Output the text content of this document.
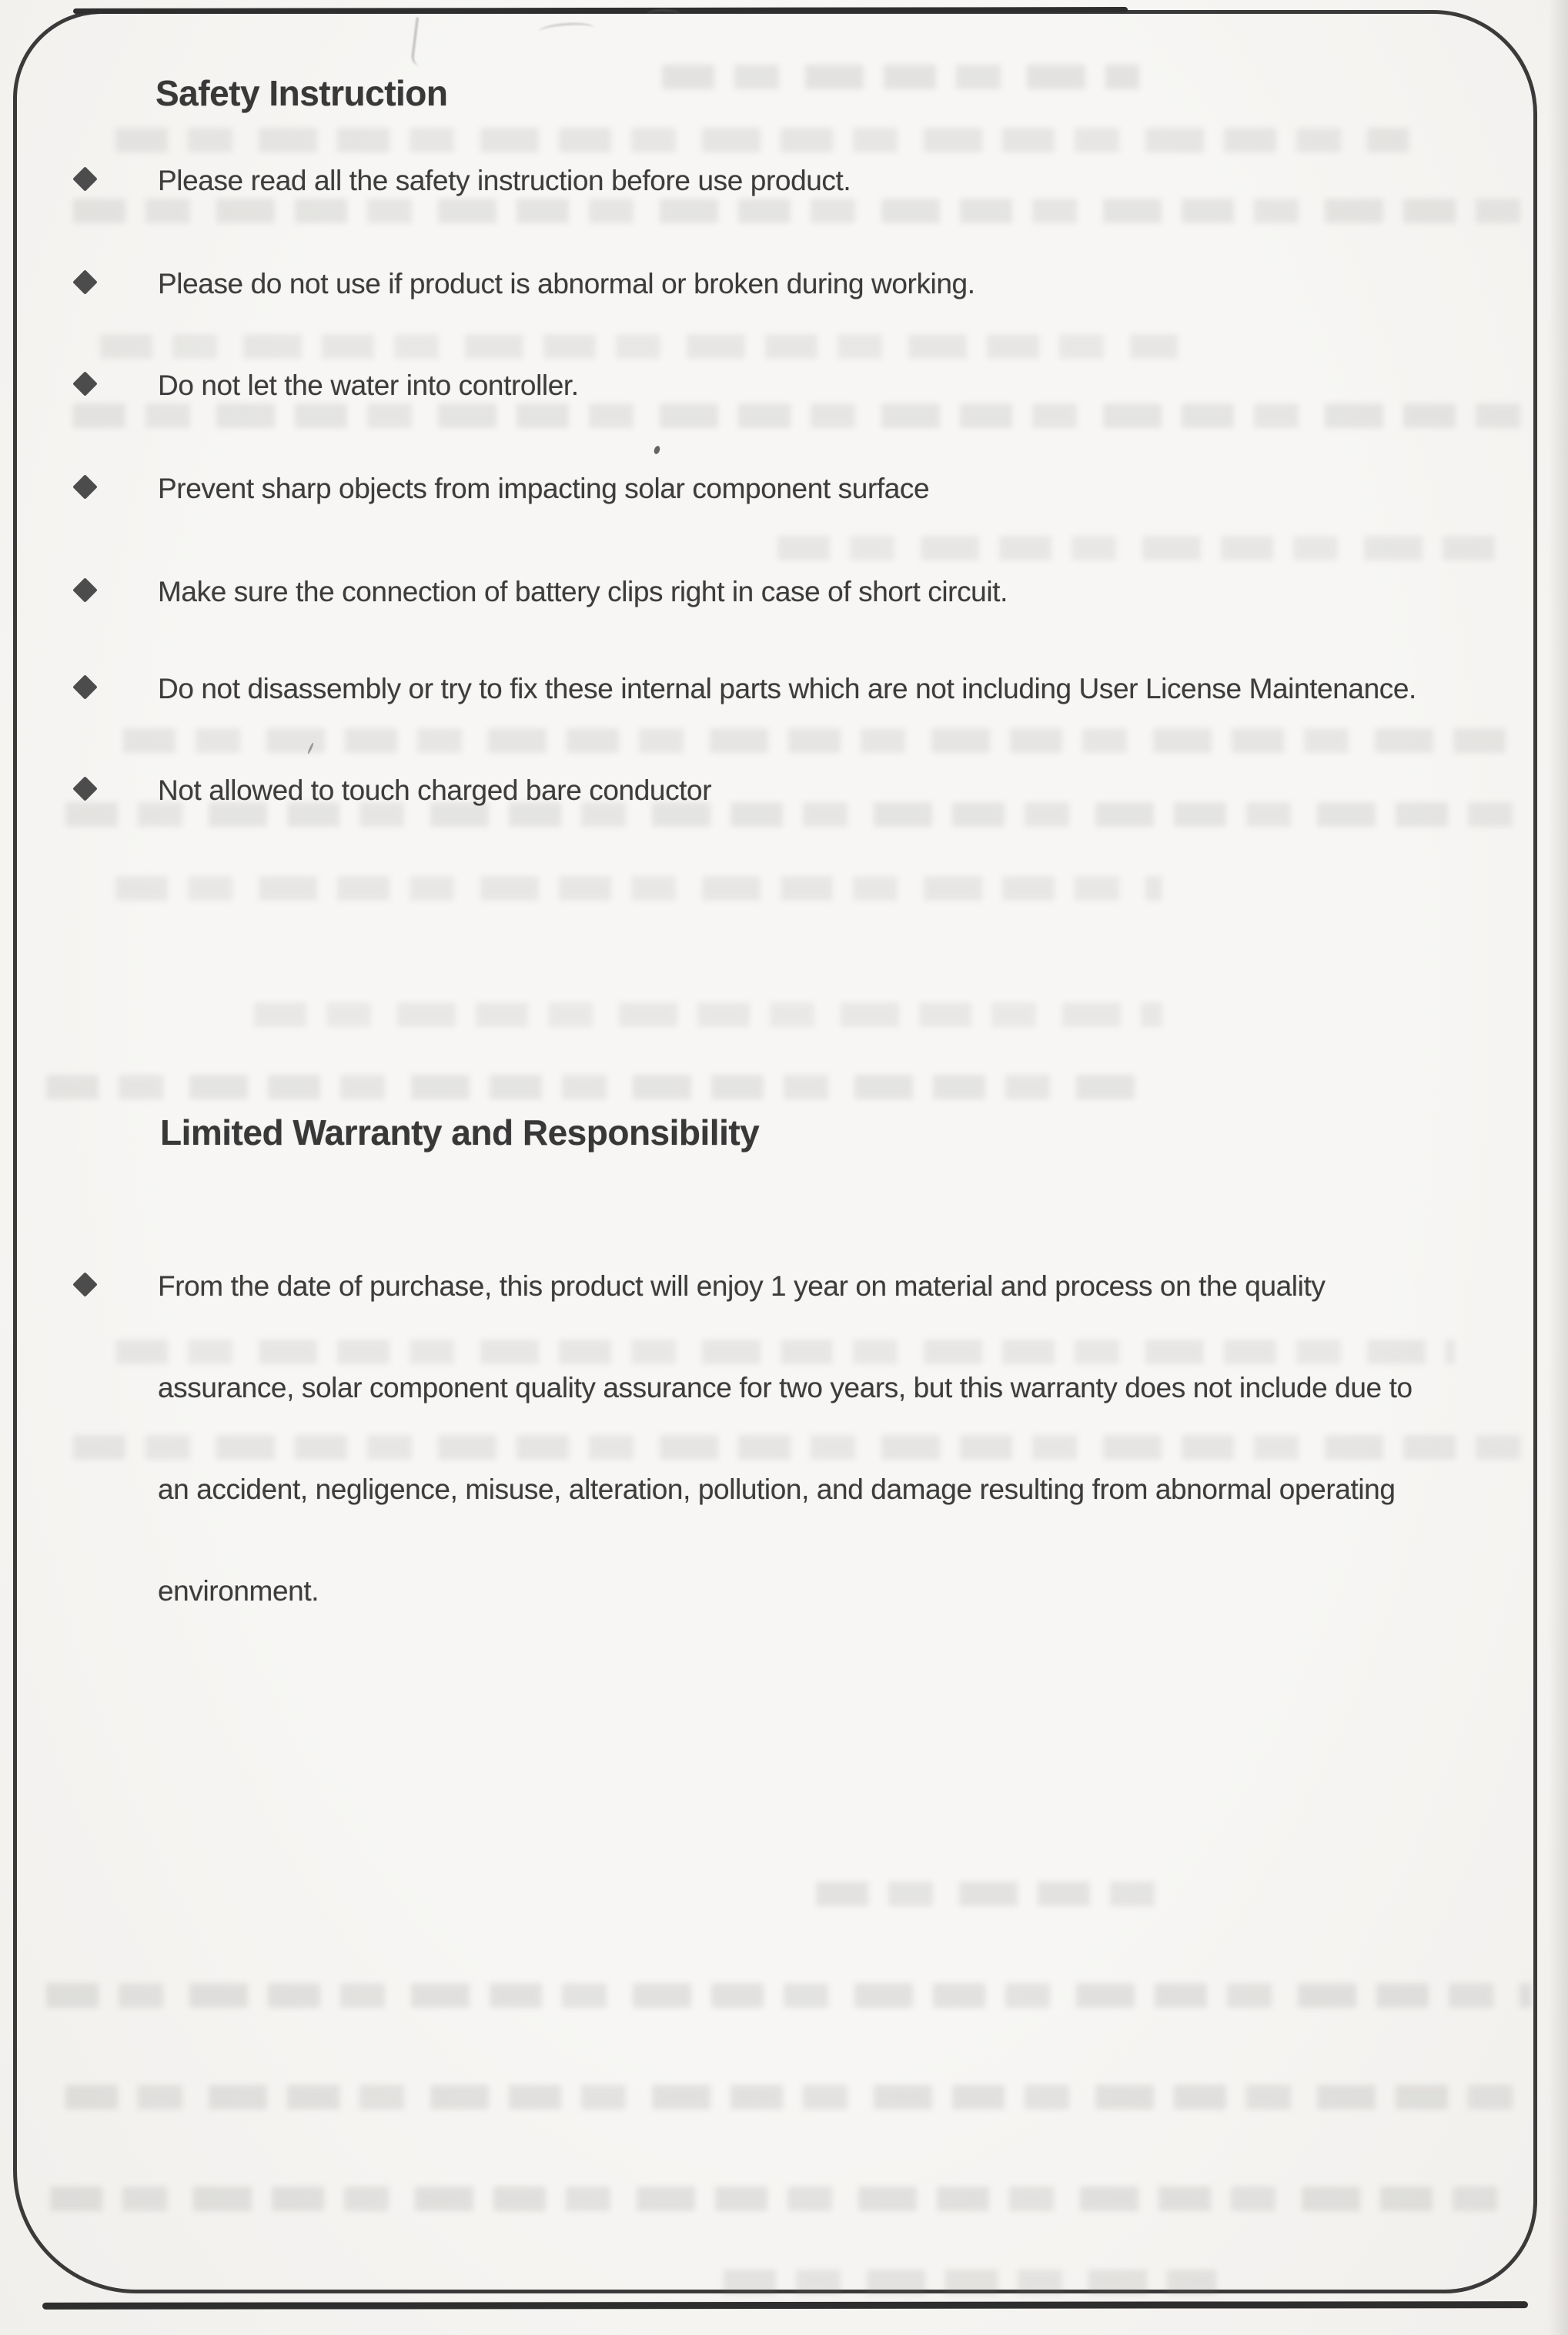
Safety Instruction
Please read all the safety instruction before use product.
Please do not use if product is abnormal or broken during working.
Do not let the water into controller.
Prevent sharp objects from impacting solar component surface
Make sure the connection of battery clips right in case of short circuit.
Do not disassembly or try to fix these internal parts which are not including User License Maintenance.
Not allowed to touch charged bare conductor
Limited Warranty and Responsibility
From the date of purchase, this product will enjoy 1 year on material and process on the quality
assurance, solar component quality assurance for two years, but this warranty does not include due to
an accident, negligence, misuse, alteration, pollution, and damage resulting from abnormal operating
environment.
